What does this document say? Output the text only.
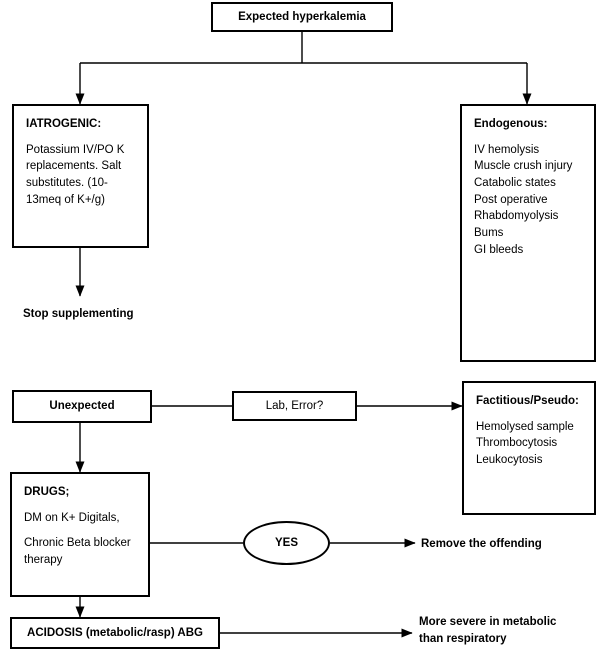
Expected hyperkalemia

IATROGENIC:

Potassium IV/PO K replacements. Salt substitutes. (10-13meq of K+/g)

Endogenous:

IV hemolysis

Muscle crush injury

Catabolic states

Post operative

Rhabdomyolysis

Bums

GI bleeds

Stop supplementing
Unexpected	Lab, Error?	Factitious/Pseudo:

Hemolysed sample

Thrombocytosis

Leukocytosis

DRUGS;

DM on K+ Digitals,

Chronic Beta blocker therapy

YES	Remove the offending
ACIDOSIS (metabolic/rasp) ABG
More severe in metabolic
than respiratory
